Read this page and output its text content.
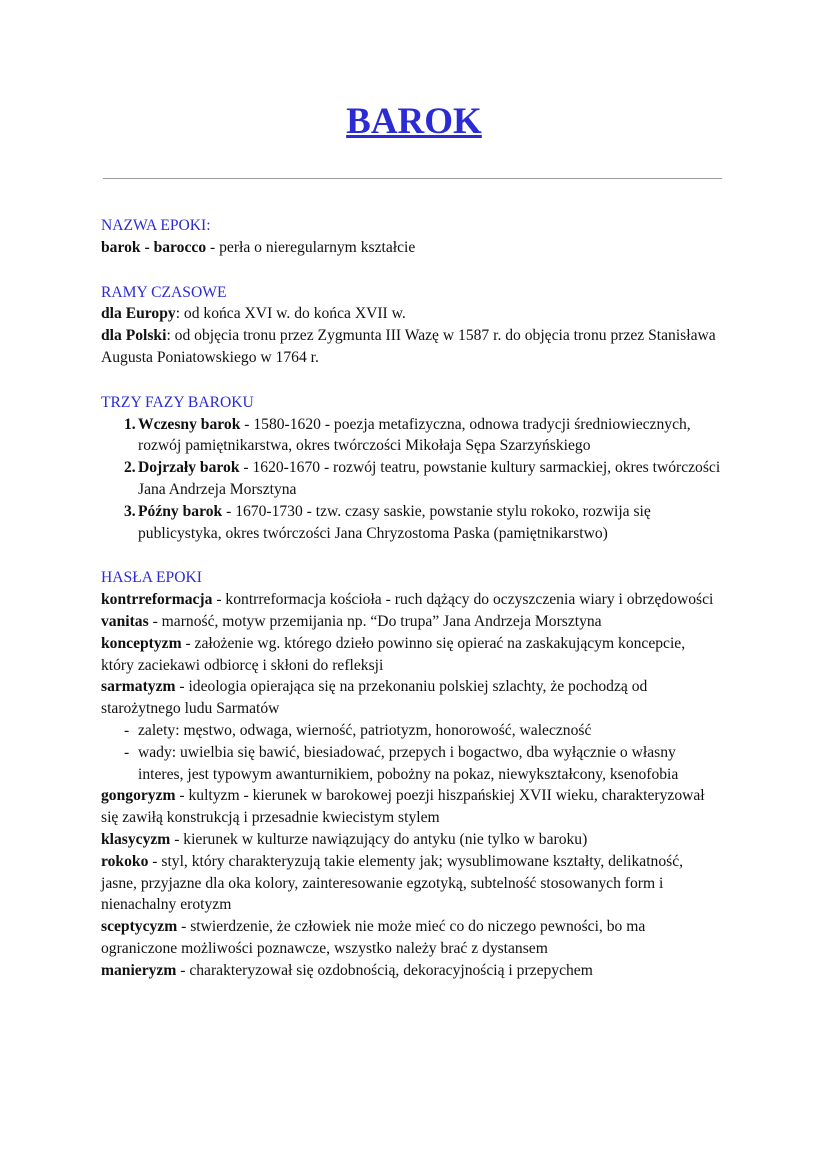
BAROK

NAZWA EPOKI:

barok - barocco - perła o nieregularnym kształcie

RAMY CZASOWE

dla Europy: od końca XVI w. do końca XVII w.

dla Polski: od objęcia tronu przez Zygmunta III Wazę w 1587 r. do objęcia tronu przez Stanisława Augusta Poniatowskiego w 1764 r.

TRZY FAZY BAROKU

1. Wczesny barok - 1580-1620 - poezja metafizyczna, odnowa tradycji średniowiecznych, rozwój pamiętnikarstwa, okres twórczości Mikołaja Sępa Szarzyńskiego
2. Dojrzały barok - 1620-1670 - rozwój teatru, powstanie kultury sarmackiej, okres twórczości Jana Andrzeja Morsztyna
3. Późny barok - 1670-1730 - tzw. czasy saskie, powstanie stylu rokoko, rozwija się publicystyka, okres twórczości Jana Chryzostoma Paska (pamiętnikarstwo)

HASŁA EPOKI

kontrreformacja - kontrreformacja kościoła - ruch dążący do oczyszczenia wiary i obrzędowości

vanitas - marność, motyw przemijania np. “Do trupa” Jana Andrzeja Morsztyna

konceptyzm - założenie wg. którego dzieło powinno się opierać na zaskakującym koncepcie, który zaciekawi odbiorcę i skłoni do refleksji

sarmatyzm - ideologia opierająca się na przekonaniu polskiej szlachty, że pochodzą od starożytnego ludu Sarmatów

- zalety: męstwo, odwaga, wierność, patriotyzm, honorowość, waleczność
- wady: uwielbia się bawić, biesiadować, przepych i bogactwo, dba wyłącznie o własny interes, jest typowym awanturnikiem, pobożny na pokaz, niewykształcony, ksenofobia

gongoryzm - kultyzm - kierunek w barokowej poezji hiszpańskiej XVII wieku, charakteryzował się zawiłą konstrukcją i przesadnie kwiecistym stylem

klasycyzm - kierunek w kulturze nawiązujący do antyku (nie tylko w baroku)

rokoko - styl, który charakteryzują takie elementy jak; wysublimowane kształty, delikatność, jasne, przyjazne dla oka kolory, zainteresowanie egzotyką, subtelność stosowanych form i nienachalny erotyzm

sceptycyzm - stwierdzenie, że człowiek nie może mieć co do niczego pewności, bo ma ograniczone możliwości poznawcze, wszystko należy brać z dystansem

manieryzm - charakteryzował się ozdobnością, dekoracyjnością i przepychem
